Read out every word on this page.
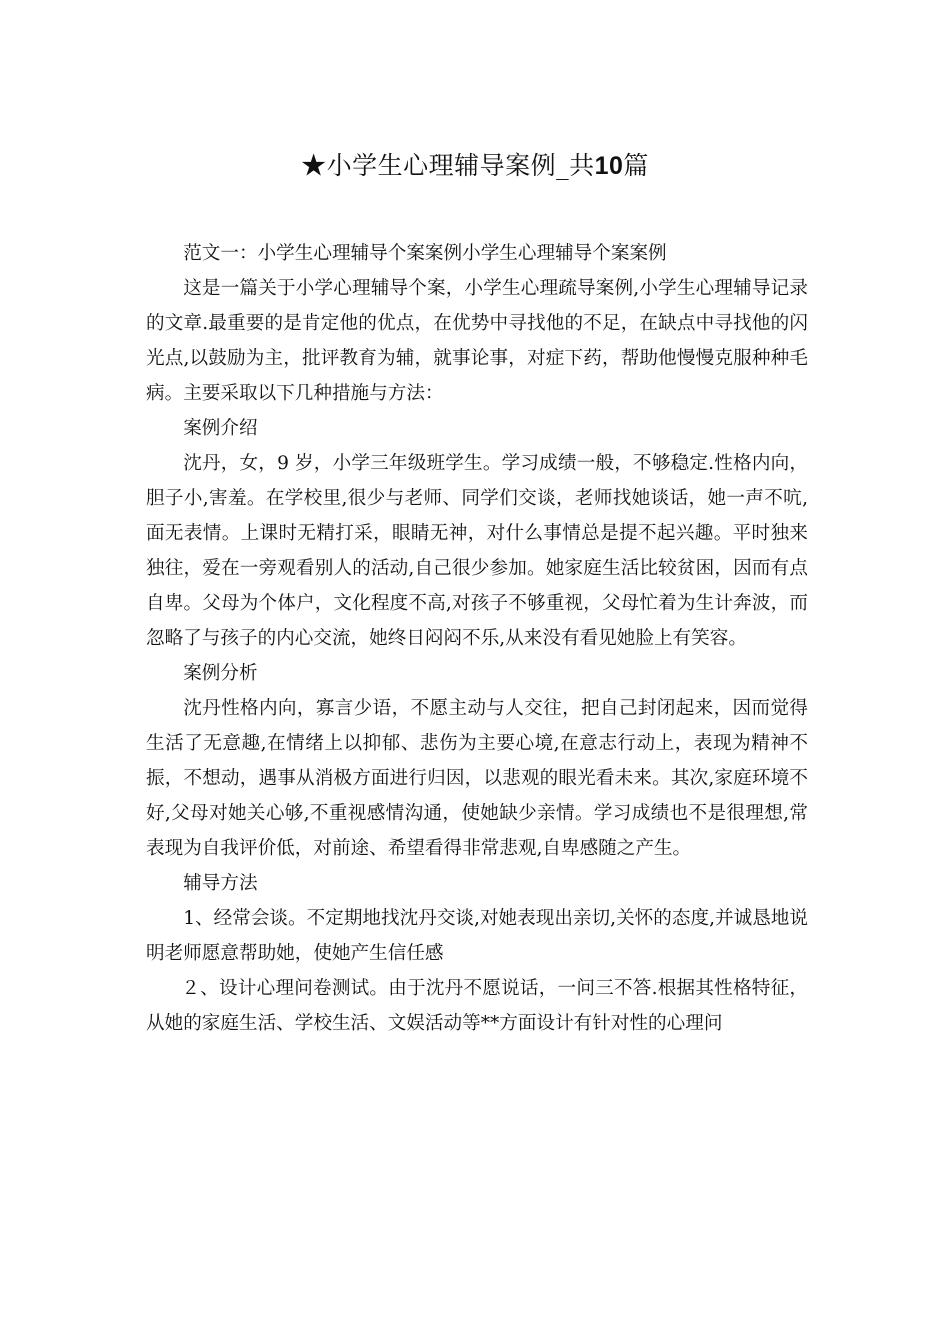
★小学生心理辅导案例_共10篇

范文一：小学生心理辅导个案案例小学生心理辅导个案案例

这是一篇关于小学心理辅导个案，小学生心理疏导案例,小学生心理辅导记录的文章.最重要的是肯定他的优点，在优势中寻找他的不足，在缺点中寻找他的闪光点,以鼓励为主，批评教育为辅，就事论事，对症下药，帮助他慢慢克服种种毛病。主要采取以下几种措施与方法：

案例介绍

沈丹，女，9 岁，小学三年级班学生。学习成绩一般，不够稳定.性格内向，胆子小,害羞。在学校里,很少与老师、同学们交谈，老师找她谈话，她一声不吭,面无表情。上课时无精打采，眼睛无神，对什么事情总是提不起兴趣。平时独来独往，爱在一旁观看别人的活动,自己很少参加。她家庭生活比较贫困，因而有点自卑。父母为个体户，文化程度不高,对孩子不够重视，父母忙着为生计奔波，而忽略了与孩子的内心交流，她终日闷闷不乐,从来没有看见她脸上有笑容。

案例分析

沈丹性格内向，寡言少语，不愿主动与人交往，把自己封闭起来，因而觉得生活了无意趣,在情绪上以抑郁、悲伤为主要心境,在意志行动上，表现为精神不振，不想动，遇事从消极方面进行归因，以悲观的眼光看未来。其次,家庭环境不好,父母对她关心够,不重视感情沟通，使她缺少亲情。学习成绩也不是很理想,常表现为自我评价低，对前途、希望看得非常悲观,自卑感随之产生。

辅导方法

1、经常会谈。不定期地找沈丹交谈,对她表现出亲切,关怀的态度,并诚恳地说明老师愿意帮助她，使她产生信任感

２、设计心理问卷测试。由于沈丹不愿说话，一问三不答.根据其性格特征，从她的家庭生活、学校生活、文娱活动等**方面设计有针对性的心理问
